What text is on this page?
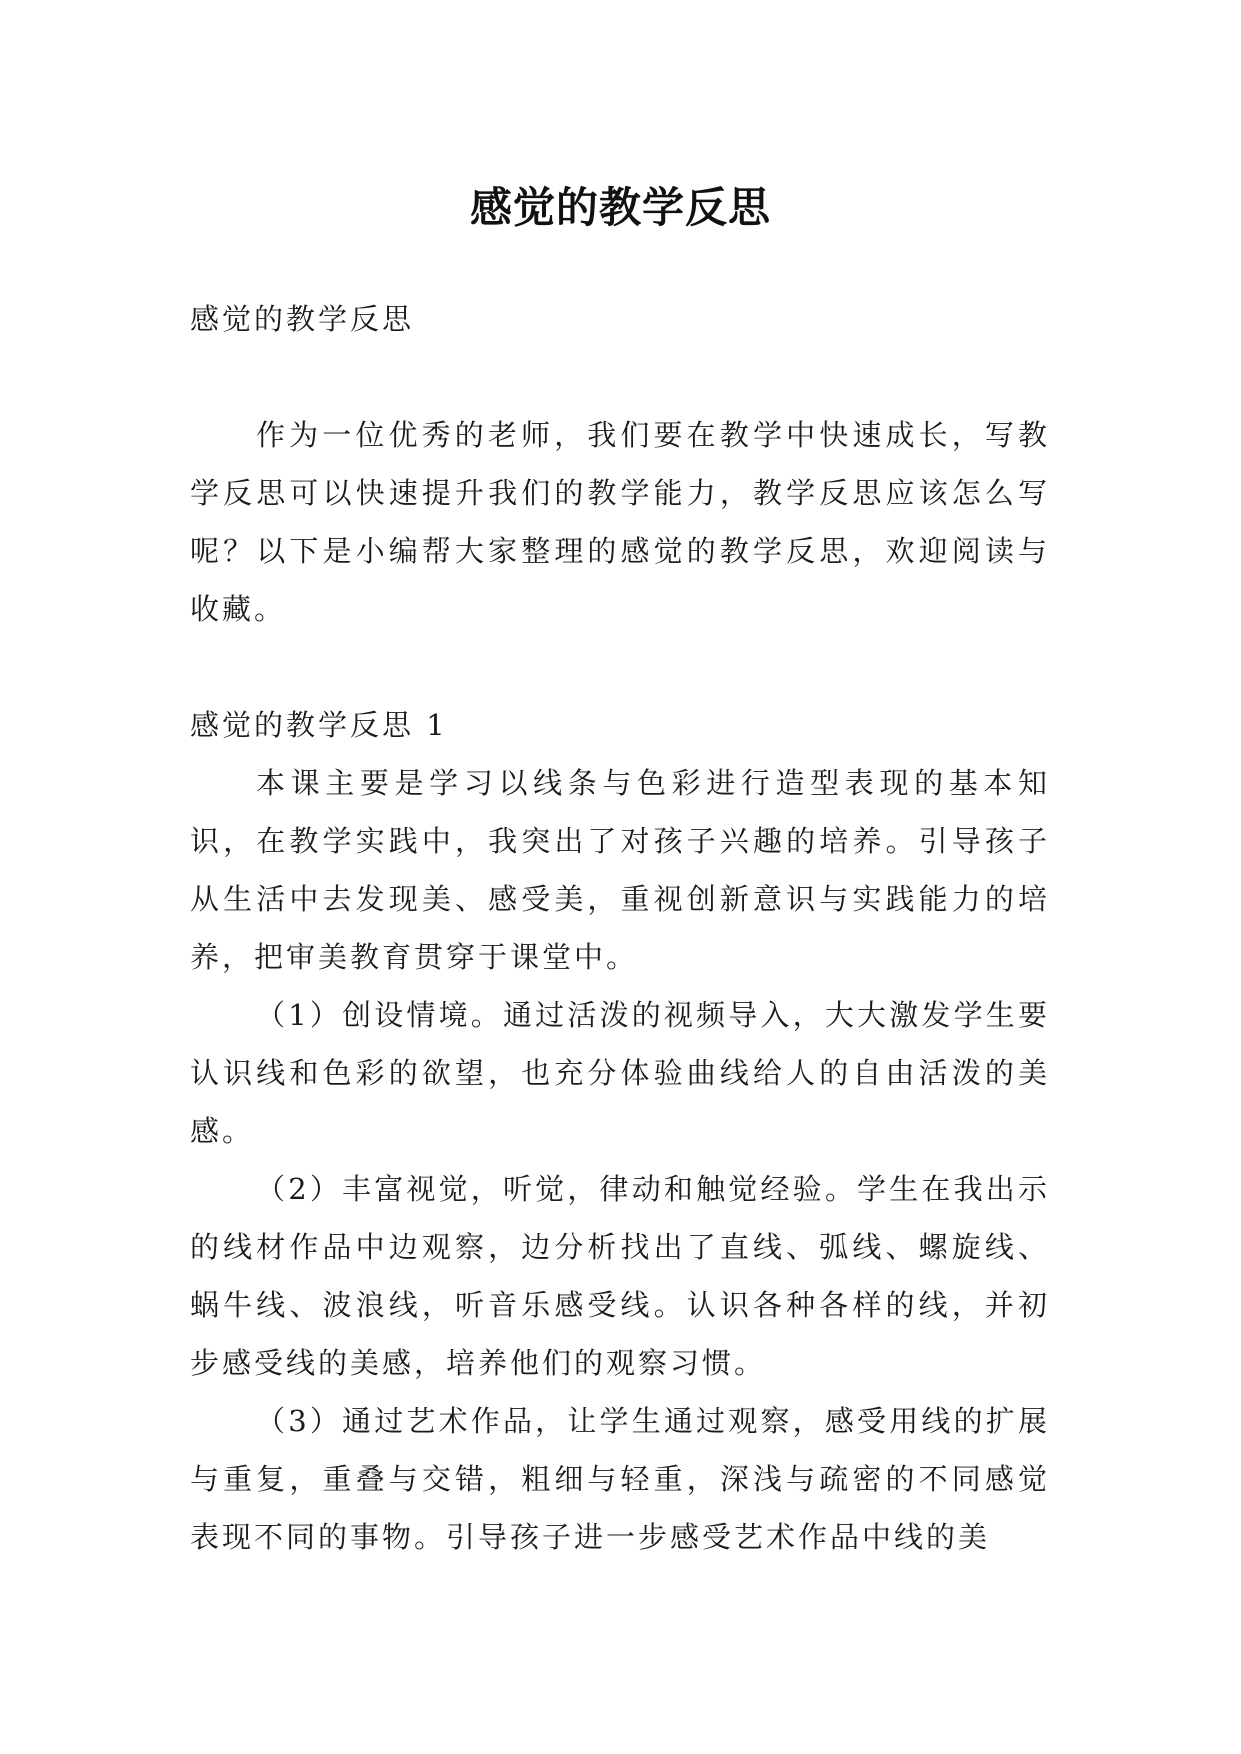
感觉的教学反思

感觉的教学反思

作为一位优秀的老师，我们要在教学中快速成长，写教学反思可以快速提升我们的教学能力，教学反思应该怎么写呢？以下是小编帮大家整理的感觉的教学反思，欢迎阅读与收藏。

感觉的教学反思 1

本课主要是学习以线条与色彩进行造型表现的基本知识，在教学实践中，我突出了对孩子兴趣的培养。引导孩子从生活中去发现美、感受美，重视创新意识与实践能力的培养，把审美教育贯穿于课堂中。

（1）创设情境。通过活泼的视频导入，大大激发学生要认识线和色彩的欲望，也充分体验曲线给人的自由活泼的美感。

（2）丰富视觉，听觉，律动和触觉经验。学生在我出示的线材作品中边观察，边分析找出了直线、弧线、螺旋线、蜗牛线、波浪线，听音乐感受线。认识各种各样的线，并初步感受线的美感，培养他们的观察习惯。

（3）通过艺术作品，让学生通过观察，感受用线的扩展与重复，重叠与交错，粗细与轻重，深浅与疏密的不同感觉表现不同的事物。引导孩子进一步感受艺术作品中线的美
